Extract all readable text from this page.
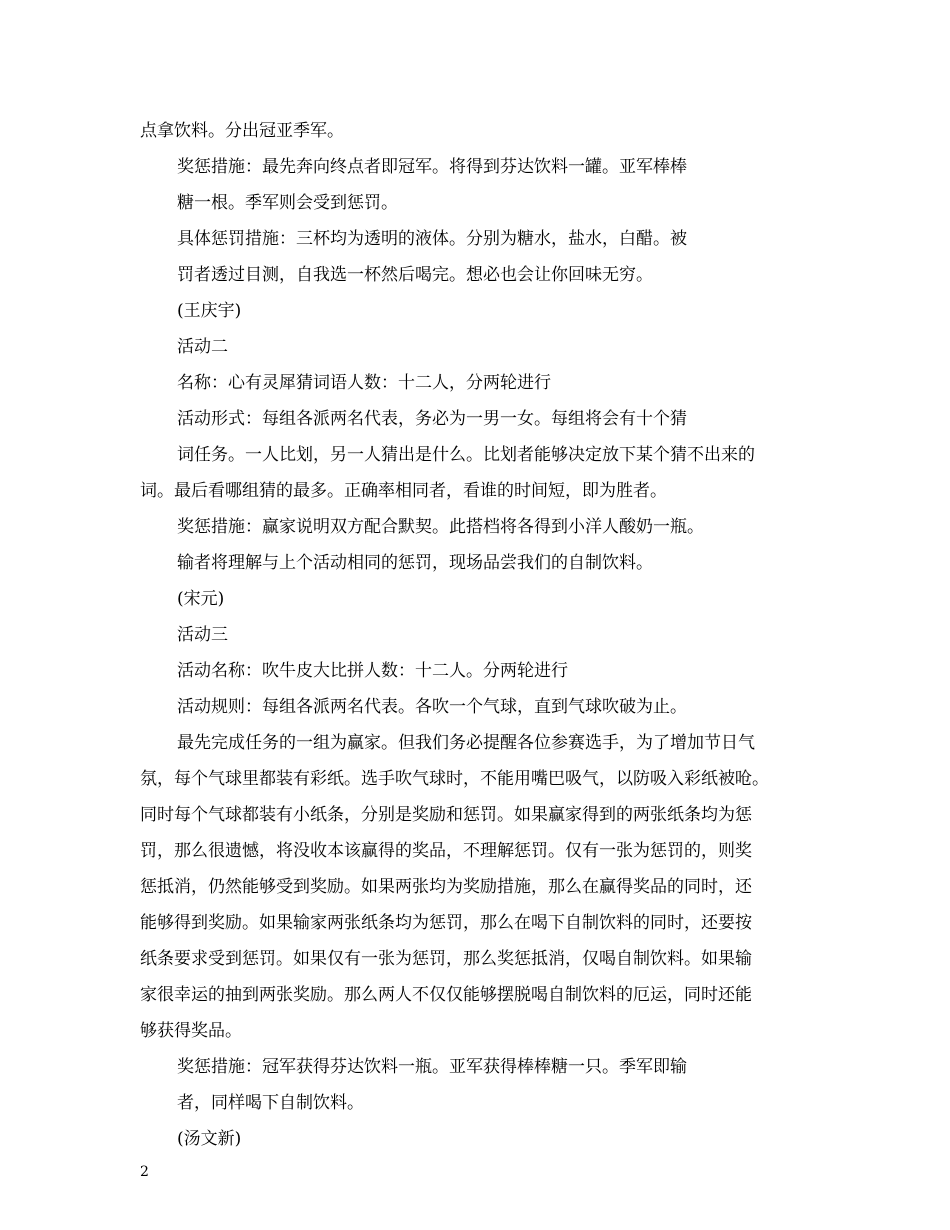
点拿饮料。分出冠亚季军。

奖惩措施：最先奔向终点者即冠军。将得到芬达饮料一罐。亚军棒棒

糖一根。季军则会受到惩罚。

具体惩罚措施：三杯均为透明的液体。分别为糖水，盐水，白醋。被

罚者透过目测，自我选一杯然后喝完。想必也会让你回味无穷。

(王庆宇)

活动二

名称：心有灵犀猜词语人数：十二人，分两轮进行

活动形式：每组各派两名代表，务必为一男一女。每组将会有十个猜

词任务。一人比划，另一人猜出是什么。比划者能够决定放下某个猜不出来的

词。最后看哪组猜的最多。正确率相同者，看谁的时间短，即为胜者。

奖惩措施：赢家说明双方配合默契。此搭档将各得到小洋人酸奶一瓶。

输者将理解与上个活动相同的惩罚，现场品尝我们的自制饮料。

(宋元)

活动三

活动名称：吹牛皮大比拼人数：十二人。分两轮进行

活动规则：每组各派两名代表。各吹一个气球，直到气球吹破为止。

最先完成任务的一组为赢家。但我们务必提醒各位参赛选手，为了增加节日气

氛，每个气球里都装有彩纸。选手吹气球时，不能用嘴巴吸气，以防吸入彩纸被呛。

同时每个气球都装有小纸条，分别是奖励和惩罚。如果赢家得到的两张纸条均为惩

罚，那么很遗憾，将没收本该赢得的奖品，不理解惩罚。仅有一张为惩罚的，则奖

惩抵消，仍然能够受到奖励。如果两张均为奖励措施，那么在赢得奖品的同时，还

能够得到奖励。如果输家两张纸条均为惩罚，那么在喝下自制饮料的同时，还要按

纸条要求受到惩罚。如果仅有一张为惩罚，那么奖惩抵消，仅喝自制饮料。如果输

家很幸运的抽到两张奖励。那么两人不仅仅能够摆脱喝自制饮料的厄运，同时还能

够获得奖品。

奖惩措施：冠军获得芬达饮料一瓶。亚军获得棒棒糖一只。季军即输

者，同样喝下自制饮料。

(汤文新)

2
